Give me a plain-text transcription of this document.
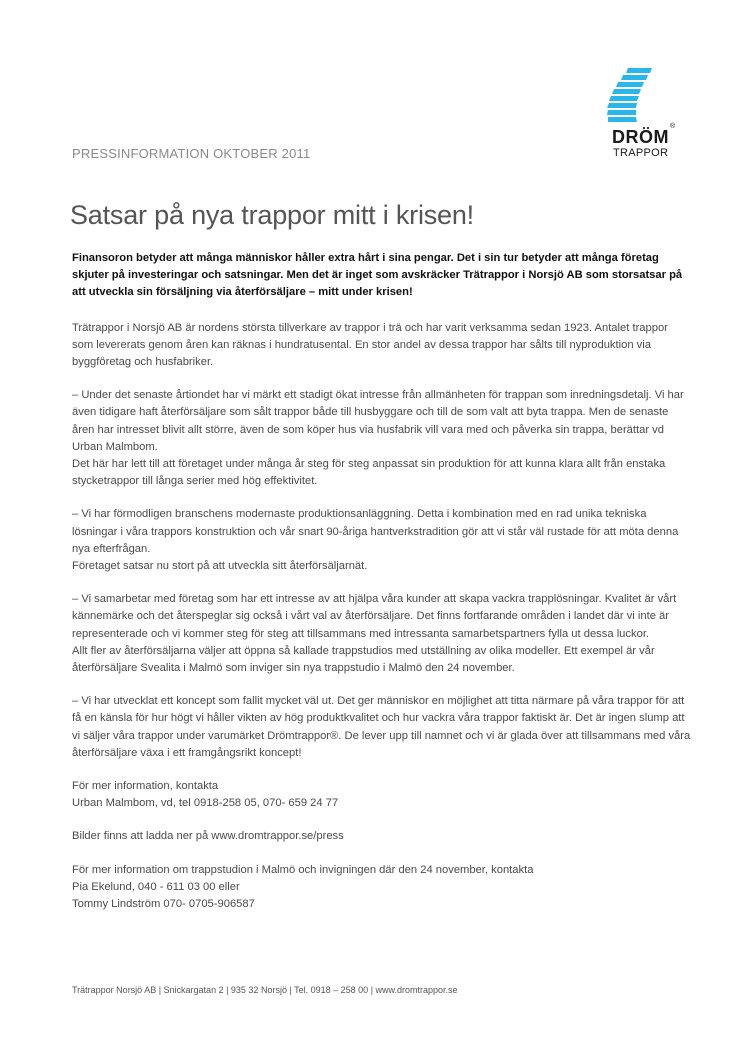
DRÖM
®
TRAPPOR

PRESSINFORMATION OKTOBER 2011

Satsar på nya trappor mitt i krisen!

Finansoron betyder att många människor håller extra hårt i sina pengar. Det i sin tur betyder att många företag skjuter på investeringar och satsningar. Men det är inget som avskräcker Trätrappor i Norsjö AB som storsatsar på att utveckla sin försäljning via återförsäljare – mitt under krisen!

Trätrappor i Norsjö AB är nordens största tillverkare av trappor i trä och har varit verksamma sedan 1923. Antalet trappor som levererats genom åren kan räknas i hundratusental. En stor andel av dessa trappor har sålts till nyproduktion via byggföretag och husfabriker.

– Under det senaste årtiondet har vi märkt ett stadigt ökat intresse från allmänheten för trappan som inredningsdetalj. Vi har även tidigare haft återförsäljare som sålt trappor både till husbyggare och till de som valt att byta trappa. Men de senaste åren har intresset blivit allt större, även de som köper hus via husfabrik vill vara med och påverka sin trappa, berättar vd Urban Malmbom.
Det här har lett till att företaget under många år steg för steg anpassat sin produktion för att kunna klara allt från enstaka stycketrappor till långa serier med hög effektivitet.

– Vi har förmodligen branschens modernaste produktionsanläggning. Detta i kombination med en rad unika tekniska lösningar i våra trappors konstruktion och vår snart 90-åriga hantverkstradition gör att vi står väl rustade för att möta denna nya efterfrågan.
Företaget satsar nu stort på att utveckla sitt återförsäljarnät.

– Vi samarbetar med företag som har ett intresse av att hjälpa våra kunder att skapa vackra trapplösningar. Kvalitet är vårt kännemärke och det återspeglar sig också i vårt val av återförsäljare. Det finns fortfarande områden i landet där vi inte är representerade och vi kommer steg för steg att tillsammans med intressanta samarbetspartners fylla ut dessa luckor.
Allt fler av återförsäljarna väljer att öppna så kallade trappstudios med utställning av olika modeller. Ett exempel är vår återförsäljare Svealita i Malmö som inviger sin nya trappstudio i Malmö den 24 november.

– Vi har utvecklat ett koncept som fallit mycket väl ut. Det ger människor en möjlighet att titta närmare på våra trappor för att få en känsla för hur högt vi håller vikten av hög produktkvalitet och hur vackra våra trappor faktiskt är. Det är ingen slump att vi säljer våra trappor under varumärket Drömtrappor®. De lever upp till namnet och vi är glada över att tillsammans med våra återförsäljare växa i ett framgångsrikt koncept!

För mer information, kontakta
Urban Malmbom, vd, tel 0918-258 05, 070- 659 24 77

Bilder finns att ladda ner på www.dromtrappor.se/press

För mer information om trappstudion i Malmö och invigningen där den 24 november, kontakta
Pia Ekelund, 040 - 611 03 00 eller
Tommy Lindström 070- 0705-906587

Trätrappor Norsjö AB | Snickargatan 2 | 935 32 Norsjö | Tel. 0918 – 258 00 | www.dromtrappor.se
